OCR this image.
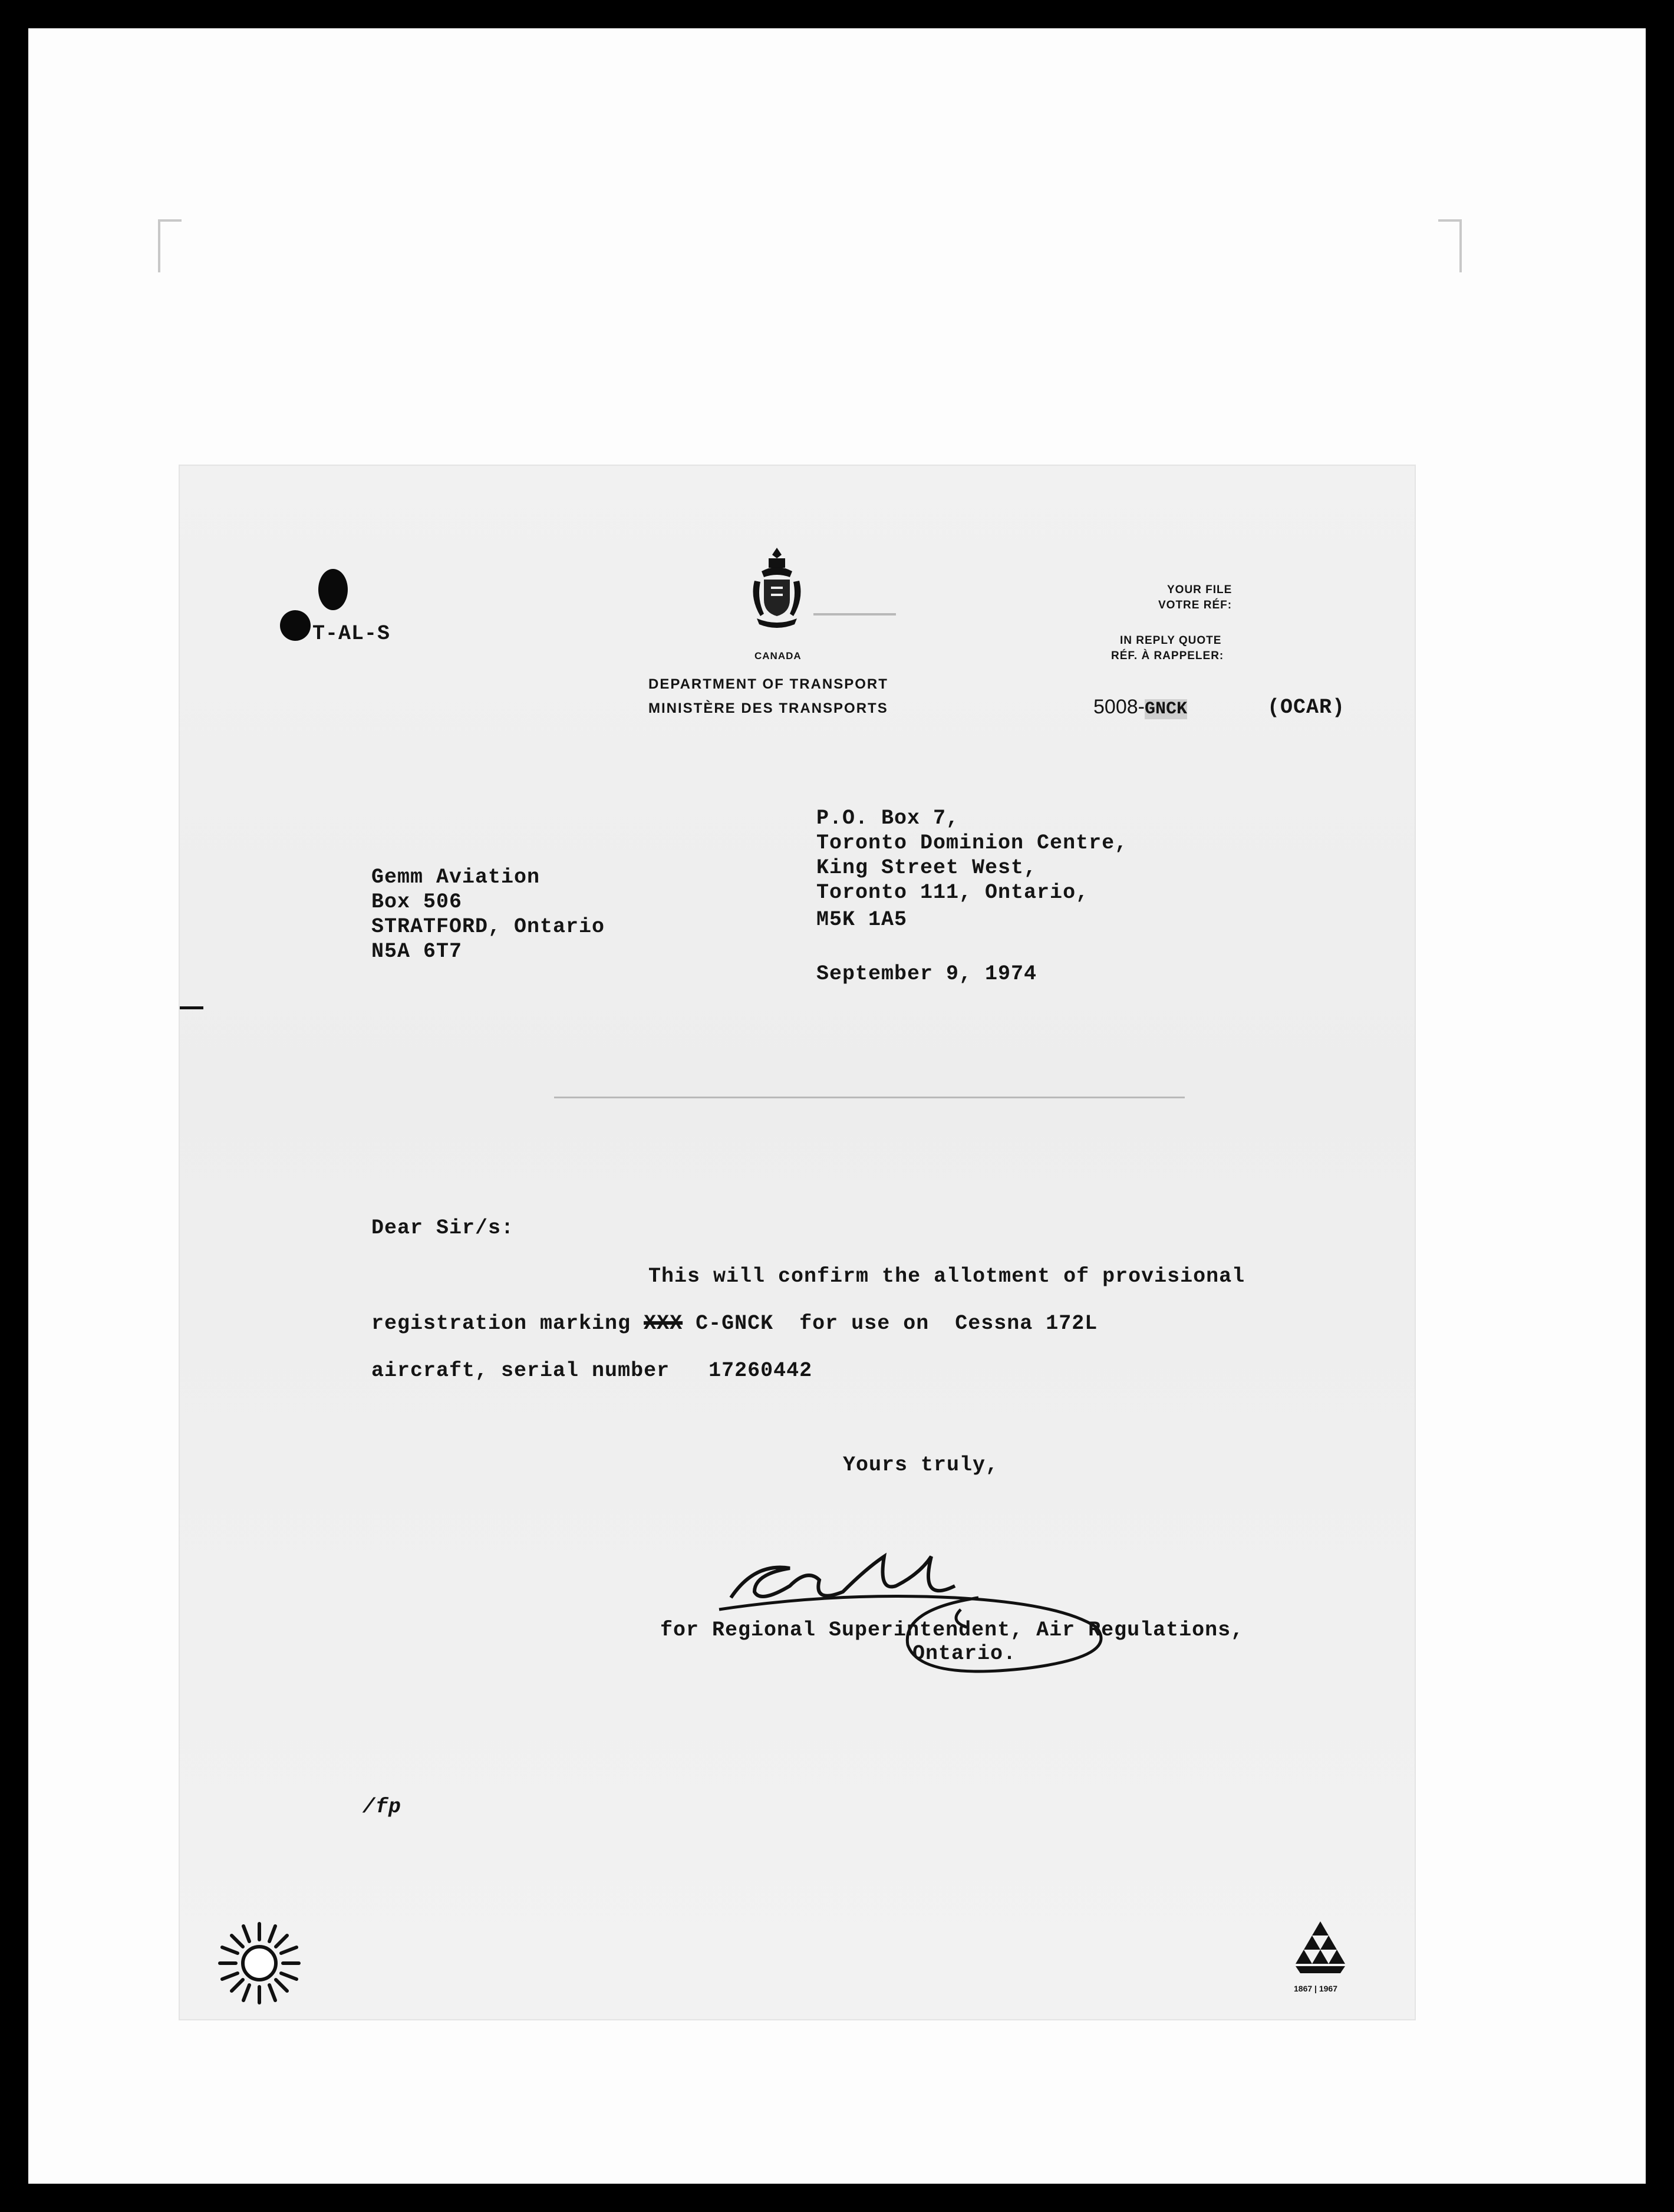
T-AL-S
CANADA
DEPARTMENT OF TRANSPORT
MINISTÈRE DES TRANSPORTS
YOUR FILE
VOTRE RÉF:
IN REPLY QUOTE
RÉF. À RAPPELER:
5008-GNCK	(OCAR)
P.O. Box 7,
Toronto Dominion Centre,
King Street West,
Toronto 111, Ontario,
M5K 1A5
September 9, 1974
Gemm Aviation
Box 506
STRATFORD, Ontario
N5A 6T7
Dear Sir/s:
This will confirm the allotment of provisional
registration marking XXX C-GNCK for use on Cessna 172L
aircraft, serial number 17260442
Yours truly,
for Regional Superintendent, Air Regulations,
Ontario.
/fp
1867 | 1967
